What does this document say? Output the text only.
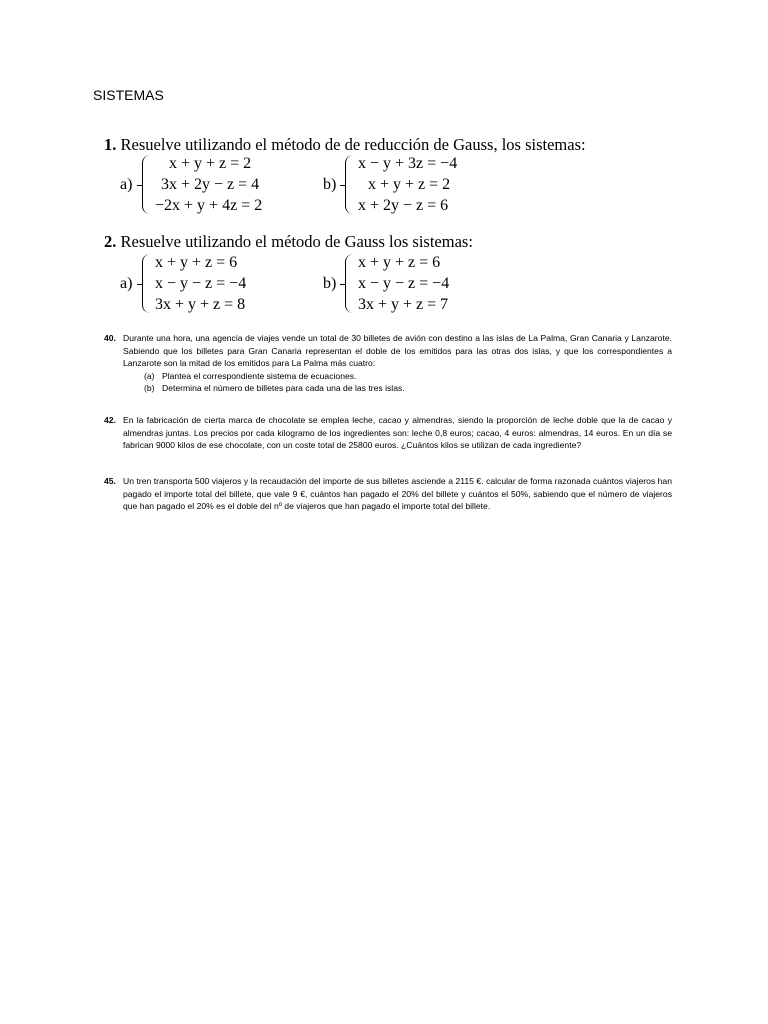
SISTEMAS
1. Resuelve utilizando el método de de reducción de Gauss, los sistemas:
a)
x + y + z = 2
3x + 2y − z = 4
−2x + y + 4z = 2
b)
x − y + 3z = −4
x + y + z = 2
x + 2y − z = 6
2. Resuelve utilizando el método de Gauss los sistemas:
a)
x + y + z = 6
x − y − z = −4
3x + y + z = 8
b)
x + y + z = 6
x − y − z = −4
3x + y + z = 7
40. Durante una hora, una agencia de viajes vende un total de 30 billetes de avión con destino a las islas de La Palma, Gran Canaria y Lanzarote. Sabiendo que los billetes para Gran Canaria representan el doble de los emitidos para las otras dos islas, y que los correspondientes a Lanzarote son la mitad de los emitidos para La Palma más cuatro:
(a) Plantea el correspondiente sistema de ecuaciones.
(b) Determina el número de billetes para cada una de las tres islas.
42. En la fabricación de cierta marca de chocolate se emplea leche, cacao y almendras, siendo la proporción de leche doble que la de cacao y almendras juntas. Los precios por cada kilogramo de los ingredientes son: leche 0,8 euros; cacao, 4 euros: almendras, 14 euros. En un día se fabrican 9000 kilos de ese chocolate, con un coste total de 25800 euros. ¿Cuántos kilos se utilizan de cada ingrediente?
45. Un tren transporta 500 viajeros y la recaudación del importe de sus billetes asciende a 2115 €. calcular de forma razonada cuántos viajeros han pagado el importe total del billete, que vale 9 €, cuántos han pagado el 20% del billete y cuántos el 50%, sabiendo que el número de viajeros que han pagado el 20% es el doble del nº de viajeros que han pagado el importe total del billete.
